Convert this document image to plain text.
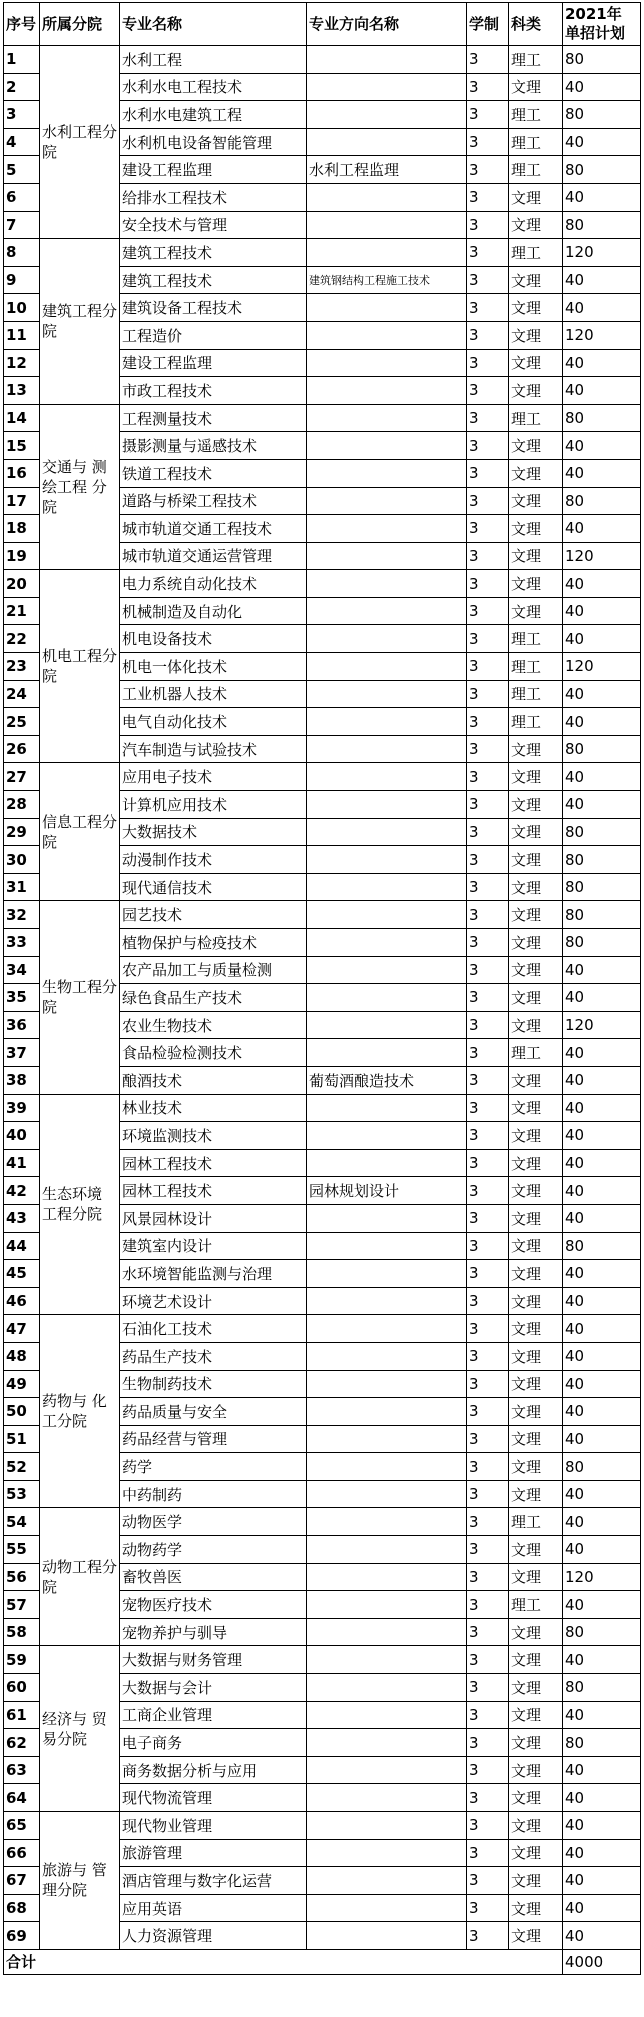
序号	所属分院	专业名称	专业方向名称	学制	科类	2021年 单招计划
1	水利工程分院	水利工程		3	理工	80
2		水利水电工程技术		3	文理	40
3		水利水电建筑工程		3	理工	80
4		水利机电设备智能管理		3	理工	40
5		建设工程监理	水利工程监理	3	理工	80
6		给排水工程技术		3	文理	40
7		安全技术与管理		3	文理	80
8	建筑工程分院	建筑工程技术		3	理工	120
9		建筑工程技术	建筑钢结构工程施工技术	3	文理	40
10		建筑设备工程技术		3	文理	40
11		工程造价		3	文理	120
12		建设工程监理		3	文理	40
13		市政工程技术		3	文理	40
14	交通与 测绘工程 分院	工程测量技术		3	理工	80
15		摄影测量与遥感技术		3	文理	40
16		铁道工程技术		3	文理	40
17		道路与桥梁工程技术		3	文理	80
18		城市轨道交通工程技术		3	文理	40
19		城市轨道交通运营管理		3	文理	120
20	机电工程分院	电力系统自动化技术		3	文理	40
21		机械制造及自动化		3	文理	40
22		机电设备技术		3	理工	40
23		机电一体化技术		3	理工	120
24		工业机器人技术		3	理工	40
25		电气自动化技术		3	理工	40
26		汽车制造与试验技术		3	文理	80
27	信息工程分院	应用电子技术		3	文理	40
28		计算机应用技术		3	文理	40
29		大数据技术		3	文理	80
30		动漫制作技术		3	文理	80
31		现代通信技术		3	文理	80
32	生物工程分院	园艺技术		3	文理	80
33		植物保护与检疫技术		3	文理	80
34		农产品加工与质量检测		3	文理	40
35		绿色食品生产技术		3	文理	40
36		农业生物技术		3	文理	120
37		食品检验检测技术		3	理工	40
38		酿酒技术	葡萄酒酿造技术	3	文理	40
39	生态环境 工程分院	林业技术		3	文理	40
40		环境监测技术		3	文理	40
41		园林工程技术		3	文理	40
42		园林工程技术	园林规划设计	3	文理	40
43		风景园林设计		3	文理	40
44		建筑室内设计		3	文理	80
45		水环境智能监测与治理		3	文理	40
46		环境艺术设计		3	文理	40
47	药物与 化工分院	石油化工技术		3	文理	40
48		药品生产技术		3	文理	40
49		生物制药技术		3	文理	40
50		药品质量与安全		3	文理	40
51		药品经营与管理		3	文理	40
52		药学		3	文理	80
53		中药制药		3	文理	40
54	动物工程分院	动物医学		3	理工	40
55		动物药学		3	文理	40
56		畜牧兽医		3	文理	120
57		宠物医疗技术		3	理工	40
58		宠物养护与驯导		3	文理	80
59	经济与 贸易分院	大数据与财务管理		3	文理	40
60		大数据与会计		3	文理	80
61		工商企业管理		3	文理	40
62		电子商务		3	文理	80
63		商务数据分析与应用		3	文理	40
64		现代物流管理		3	文理	40
65	旅游与 管理分院	现代物业管理		3	文理	40
66		旅游管理		3	文理	40
67		酒店管理与数字化运营		3	文理	40
68		应用英语		3	文理	40
69		人力资源管理		3	文理	40
合计						4000
